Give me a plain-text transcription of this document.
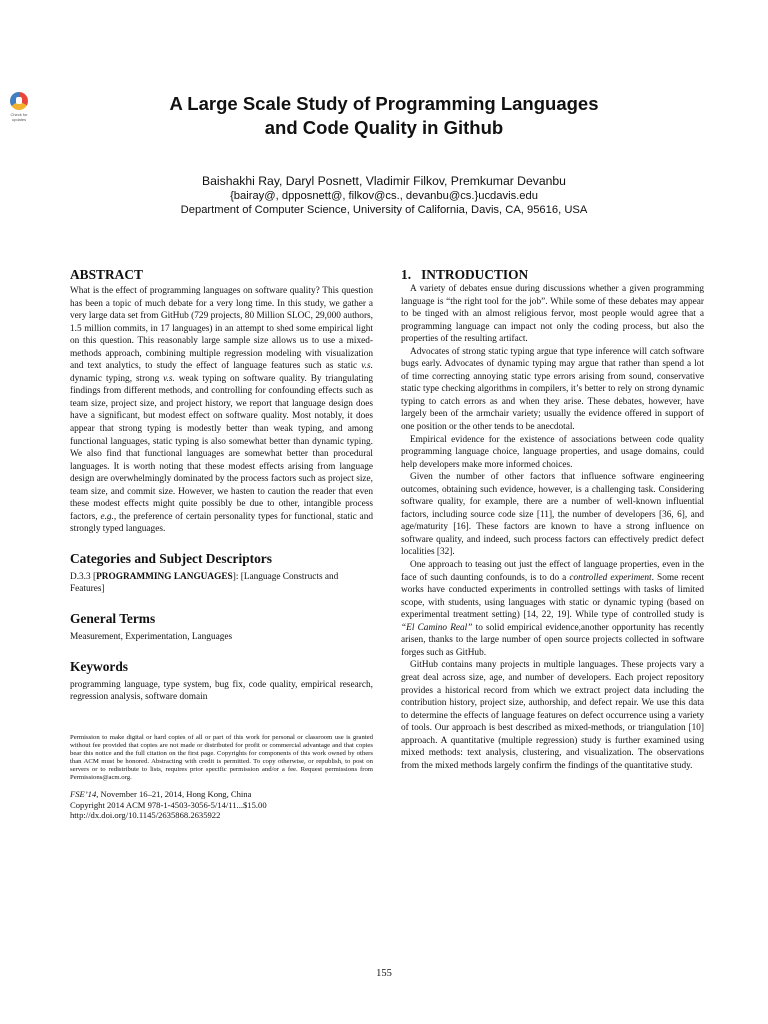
Check for
updates
A Large Scale Study of Programming Languages
and Code Quality in Github
Baishakhi Ray, Daryl Posnett, Vladimir Filkov, Premkumar Devanbu
{bairay@, dpposnett@, filkov@cs., devanbu@cs.}ucdavis.edu
Department of Computer Science, University of California, Davis, CA, 95616, USA
ABSTRACT

What is the effect of programming languages on software quality? This question has been a topic of much debate for a very long time. In this study, we gather a very large data set from GitHub (729 projects, 80 Million SLOC, 29,000 authors, 1.5 million commits, in 17 languages) in an attempt to shed some empirical light on this question. This reasonably large sample size allows us to use a mixed-methods approach, combining multiple regression modeling with visualization and text analytics, to study the effect of language features such as static v.s. dynamic typing, strong v.s. weak typing on software quality. By triangulating findings from different methods, and controlling for confounding effects such as team size, project size, and project history, we report that language design does have a significant, but modest effect on software quality. Most notably, it does appear that strong typing is modestly better than weak typing, and among functional languages, static typing is also somewhat better than dynamic typing. We also find that functional languages are somewhat better than procedural languages. It is worth noting that these modest effects arising from language design are overwhelmingly dominated by the process factors such as project size, team size, and commit size. However, we hasten to caution the reader that even these modest effects might quite possibly be due to other, intangible process factors, e.g., the preference of certain personality types for functional, static and strongly typed languages.

Categories and Subject Descriptors

D.3.3 [PROGRAMMING LANGUAGES]: [Language Constructs and Features]

General Terms

Measurement, Experimentation, Languages

Keywords

programming language, type system, bug fix, code quality, empirical research, regression analysis, software domain

Permission to make digital or hard copies of all or part of this work for personal or classroom use is granted without fee provided that copies are not made or distributed for profit or commercial advantage and that copies bear this notice and the full citation on the first page. Copyrights for components of this work owned by others than ACM must be honored. Abstracting with credit is permitted. To copy otherwise, or republish, to post on servers or to redistribute to lists, requires prior specific permission and/or a fee. Request permissions from Permissions@acm.org.

FSE’14, November 16–21, 2014, Hong Kong, China
Copyright 2014 ACM 978-1-4503-3056-5/14/11...$15.00
http://dx.doi.org/10.1145/2635868.2635922
1.   INTRODUCTION

A variety of debates ensue during discussions whether a given programming language is “the right tool for the job”. While some of these debates may appear to be tinged with an almost religious fervor, most people would agree that a programming language can impact not only the coding process, but also the properties of the resulting artifact.

Advocates of strong static typing argue that type inference will catch software bugs early. Advocates of dynamic typing may argue that rather than spend a lot of time correcting annoying static type errors arising from sound, conservative static type checking algorithms in compilers, it’s better to rely on strong dynamic typing to catch errors as and when they arise. These debates, however, have largely been of the armchair variety; usually the evidence offered in support of one position or the other tends to be anecdotal.

Empirical evidence for the existence of associations between code quality programming language choice, language properties, and usage domains, could help developers make more informed choices.

Given the number of other factors that influence software engineering outcomes, obtaining such evidence, however, is a challenging task. Considering software quality, for example, there are a number of well-known influential factors, including source code size [11], the number of developers [36, 6], and age/maturity [16]. These factors are known to have a strong influence on software quality, and indeed, such process factors can effectively predict defect localities [32].

One approach to teasing out just the effect of language properties, even in the face of such daunting confounds, is to do a controlled experiment. Some recent works have conducted experiments in controlled settings with tasks of limited scope, with students, using languages with static or dynamic typing (based on experimental treatment setting) [14, 22, 19]. While type of controlled study is “El Camino Real” to solid empirical evidence,another opportunity has recently arisen, thanks to the large number of open source projects collected in software forges such as GitHub.

GitHub contains many projects in multiple languages. These projects vary a great deal across size, age, and number of developers. Each project repository provides a historical record from which we extract project data including the contribution history, project size, authorship, and defect repair. We use this data to determine the effects of language features on defect occurrence using a variety of tools. Our approach is best described as mixed-methods, or triangulation [10] approach. A quantitative (multiple regression) study is further examined using mixed methods: text analysis, clustering, and visualization. The observations from the mixed methods largely confirm the findings of the quantitative study.

155
